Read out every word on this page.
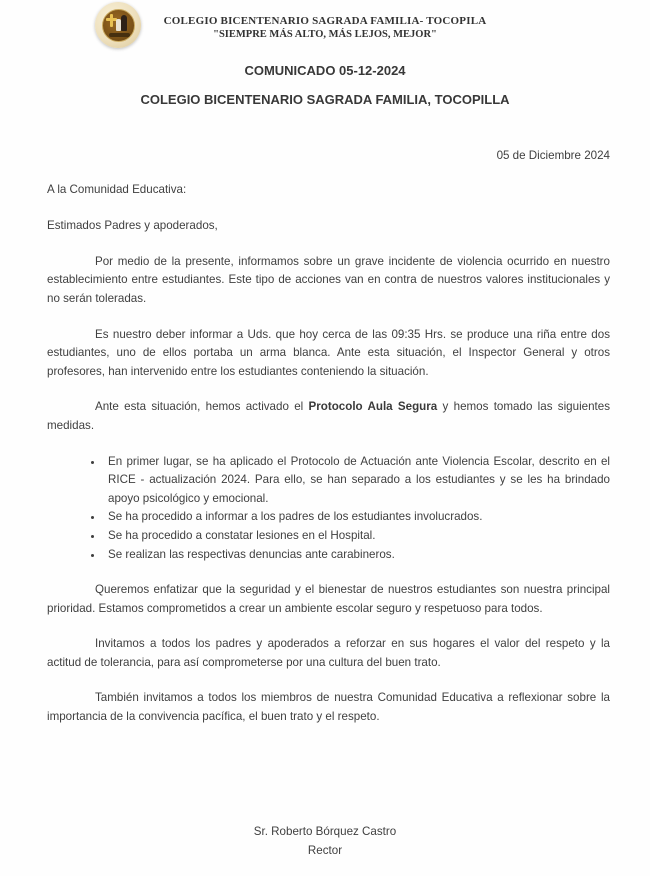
COLEGIO BICENTENARIO SAGRADA FAMILIA- TOCOPILA
"SIEMPRE MÁS ALTO, MÁS LEJOS, MEJOR"
COMUNICADO 05-12-2024
COLEGIO BICENTENARIO SAGRADA FAMILIA, TOCOPILLA
05 de Diciembre 2024
A la Comunidad Educativa:
Estimados Padres y apoderados,

Por medio de la presente, informamos sobre un grave incidente de violencia ocurrido en nuestro establecimiento entre estudiantes. Este tipo de acciones van en contra de nuestros valores institucionales y no serán toleradas.

Es nuestro deber informar a Uds. que hoy cerca de las 09:35 Hrs. se produce una riña entre dos estudiantes, uno de ellos portaba un arma blanca. Ante esta situación, el Inspector General y otros profesores, han intervenido entre los estudiantes conteniendo la situación.

Ante esta situación, hemos activado el Protocolo Aula Segura y hemos tomado las siguientes medidas.

• En primer lugar, se ha aplicado el Protocolo de Actuación ante Violencia Escolar, descrito en el RICE - actualización 2024. Para ello, se han separado a los estudiantes y se les ha brindado apoyo psicológico y emocional.
• Se ha procedido a informar a los padres de los estudiantes involucrados.
• Se ha procedido a constatar lesiones en el Hospital.
• Se realizan las respectivas denuncias ante carabineros.

Queremos enfatizar que la seguridad y el bienestar de nuestros estudiantes son nuestra principal prioridad. Estamos comprometidos a crear un ambiente escolar seguro y respetuoso para todos.

Invitamos a todos los padres y apoderados a reforzar en sus hogares el valor del respeto y la actitud de tolerancia, para así comprometerse por una cultura del buen trato.

También invitamos a todos los miembros de nuestra Comunidad Educativa a reflexionar sobre la importancia de la convivencia pacífica, el buen trato y el respeto.

Sr. Roberto Bórquez Castro
Rector
